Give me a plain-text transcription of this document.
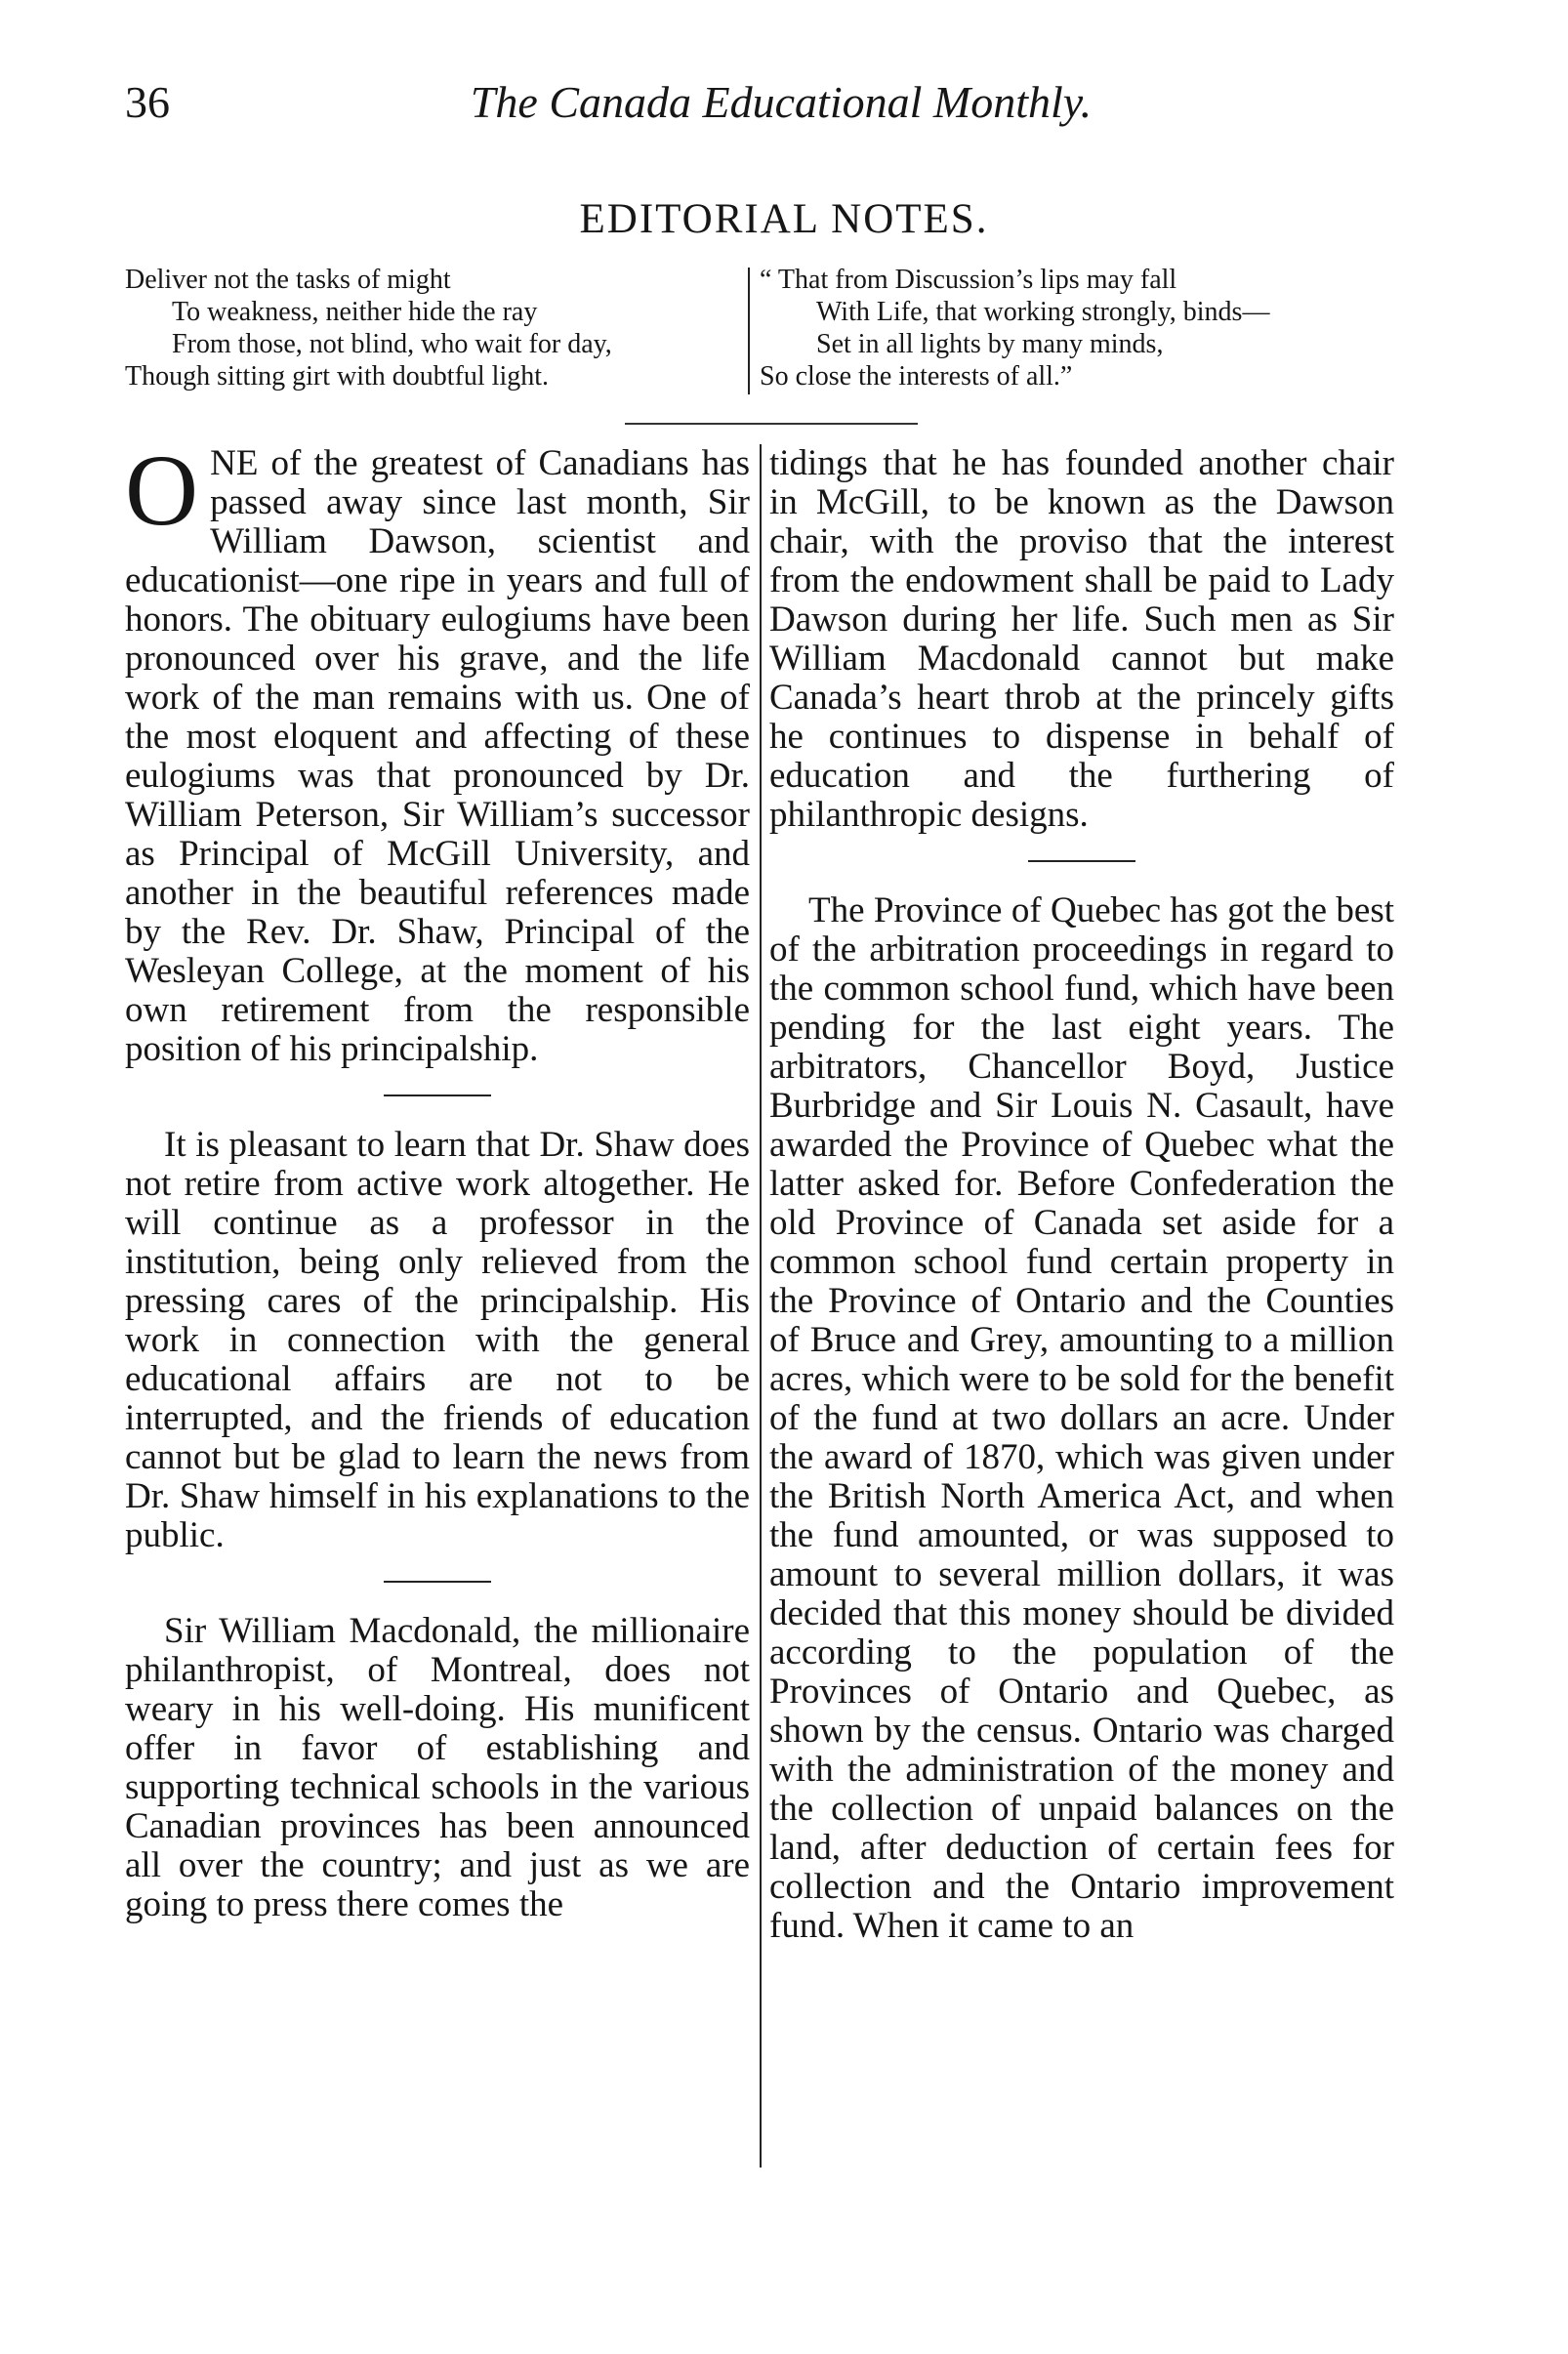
36	The Canada Educational Monthly.
EDITORIAL NOTES.
Deliver not the tasks of might
To weakness, neither hide the ray
From those, not blind, who wait for day,
Though sitting girt with doubtful light.
“ That from Discussion’s lips may fall
With Life, that working strongly, binds—
Set in all lights by many minds,
So close the interests of all.”

ONE of the greatest of Canadians has passed away since last month, Sir William Dawson, scientist and educationist—one ripe in years and full of honors. The obituary eulogiums have been pronounced over his grave, and the life work of the man remains with us. One of the most eloquent and affecting of these eulogiums was that pronounced by Dr. William Peterson, Sir William’s successor as Principal of McGill University, and another in the beautiful references made by the Rev. Dr. Shaw, Principal of the Wesleyan College, at the moment of his own retirement from the responsible position of his principalship.

It is pleasant to learn that Dr. Shaw does not retire from active work altogether. He will continue as a professor in the institution, being only relieved from the pressing cares of the principalship. His work in connection with the general educational affairs are not to be interrupted, and the friends of education cannot but be glad to learn the news from Dr. Shaw himself in his explanations to the public.

Sir William Macdonald, the millionaire philanthropist, of Montreal, does not weary in his well-doing. His munificent offer in favor of establishing and supporting technical schools in the various Canadian provinces has been announced all over the country; and just as we are going to press there comes the

tidings that he has founded another chair in McGill, to be known as the Dawson chair, with the proviso that the interest from the endowment shall be paid to Lady Dawson during her life. Such men as Sir William Macdonald cannot but make Canada’s heart throb at the princely gifts he continues to dispense in behalf of education and the furthering of philanthropic designs.

The Province of Quebec has got the best of the arbitration proceedings in regard to the common school fund, which have been pending for the last eight years. The arbitrators, Chancellor Boyd, Justice Burbridge and Sir Louis N. Casault, have awarded the Province of Quebec what the latter asked for. Before Confederation the old Province of Canada set aside for a common school fund certain property in the Province of Ontario and the Counties of Bruce and Grey, amounting to a million acres, which were to be sold for the benefit of the fund at two dollars an acre. Under the award of 1870, which was given under the British North America Act, and when the fund amounted, or was supposed to amount to several million dollars, it was decided that this money should be divided according to the population of the Provinces of Ontario and Quebec, as shown by the census. Ontario was charged with the administration of the money and the collection of unpaid balances on the land, after deduction of certain fees for collection and the Ontario improvement fund. When it came to an
